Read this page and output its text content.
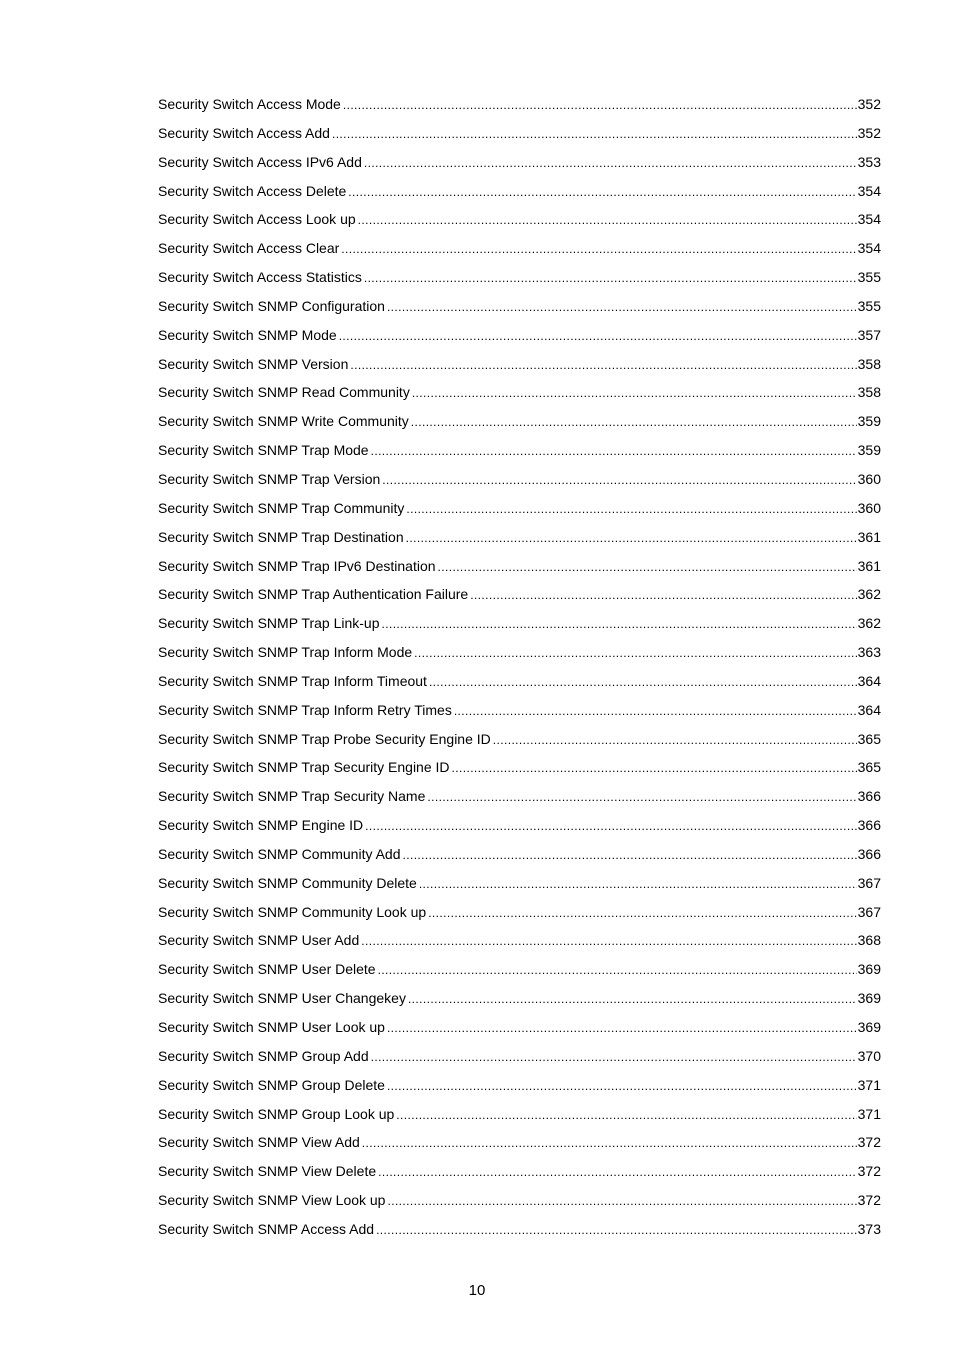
Security Switch Access Mode .....	352
Security Switch Access Add .....	352
Security Switch Access IPv6 Add .....	353
Security Switch Access Delete .....	354
Security Switch Access Look up .....	354
Security Switch Access Clear .....	354
Security Switch Access Statistics .....	355
Security Switch SNMP Configuration .....	355
Security Switch SNMP Mode .....	357
Security Switch SNMP Version .....	358
Security Switch SNMP Read Community .....	358
Security Switch SNMP Write Community .....	359
Security Switch SNMP Trap Mode .....	359
Security Switch SNMP Trap Version .....	360
Security Switch SNMP Trap Community .....	360
Security Switch SNMP Trap Destination .....	361
Security Switch SNMP Trap IPv6 Destination .....	361
Security Switch SNMP Trap Authentication Failure .....	362
Security Switch SNMP Trap Link-up .....	362
Security Switch SNMP Trap Inform Mode .....	363
Security Switch SNMP Trap Inform Timeout .....	364
Security Switch SNMP Trap Inform Retry Times .....	364
Security Switch SNMP Trap Probe Security Engine ID .....	365
Security Switch SNMP Trap Security Engine ID .....	365
Security Switch SNMP Trap Security Name .....	366
Security Switch SNMP Engine ID .....	366
Security Switch SNMP Community Add .....	366
Security Switch SNMP Community Delete .....	367
Security Switch SNMP Community Look up .....	367
Security Switch SNMP User Add .....	368
Security Switch SNMP User Delete .....	369
Security Switch SNMP User Changekey .....	369
Security Switch SNMP User Look up .....	369
Security Switch SNMP Group Add .....	370
Security Switch SNMP Group Delete .....	371
Security Switch SNMP Group Look up .....	371
Security Switch SNMP View Add .....	372
Security Switch SNMP View Delete .....	372
Security Switch SNMP View Look up .....	372
Security Switch SNMP Access Add .....	373
10
